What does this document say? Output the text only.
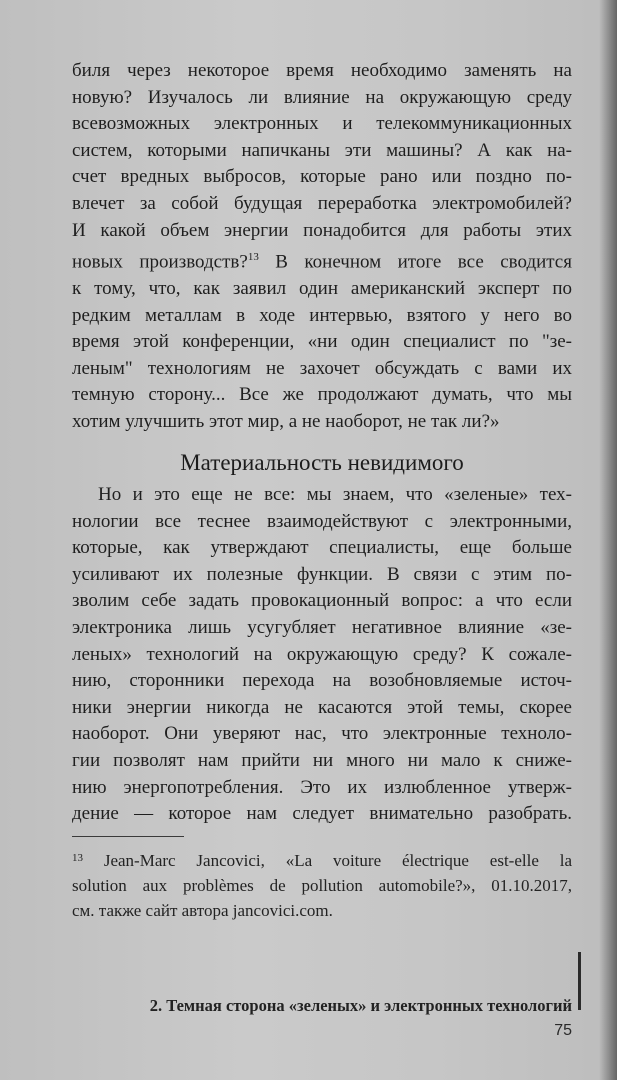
биля через некоторое время необходимо заменять на
новую? Изучалось ли влияние на окружающую среду
всевозможных электронных и телекоммуникационных
систем, которыми напичканы эти машины? А как на-
счет вредных выбросов, которые рано или поздно по-
влечет за собой будущая переработка электромобилей?
И какой объем энергии понадобится для работы этих
новых производств?$^{13}$ В конечном итоге все сводится
к тому, что, как заявил один американский эксперт по
редким металлам в ходе интервью, взятого у него во
время этой конференции, «ни один специалист по "зе-
леным" технологиям не захочет обсуждать с вами их
темную сторону... Все же продолжают думать, что мы
хотим улучшить этот мир, а не наоборот, не так ли?»
Материальность невидимого
Но и это еще не все: мы знаем, что «зеленые» тех-
нологии все теснее взаимодействуют с электронными,
которые, как утверждают специалисты, еще больше
усиливают их полезные функции. В связи с этим по-
зволим себе задать провокационный вопрос: а что если
электроника лишь усугубляет негативное влияние «зе-
леных» технологий на окружающую среду? К сожале-
нию, сторонники перехода на возобновляемые источ-
ники энергии никогда не касаются этой темы, скорее
наоборот. Они уверяют нас, что электронные техноло-
гии позволят нам прийти ни много ни мало к сниже-
нию энергопотребления. Это их излюбленное утверж-
дение — которое нам следует внимательно разобрать.
$^{13}$ Jean-Marc Jancovici, «La voiture électrique est-elle la
solution aux problèmes de pollution automobile?», 01.10.2017,
см. также сайт автора jancovici.com.
2. Темная сторона «зеленых» и электронных технологий
75
